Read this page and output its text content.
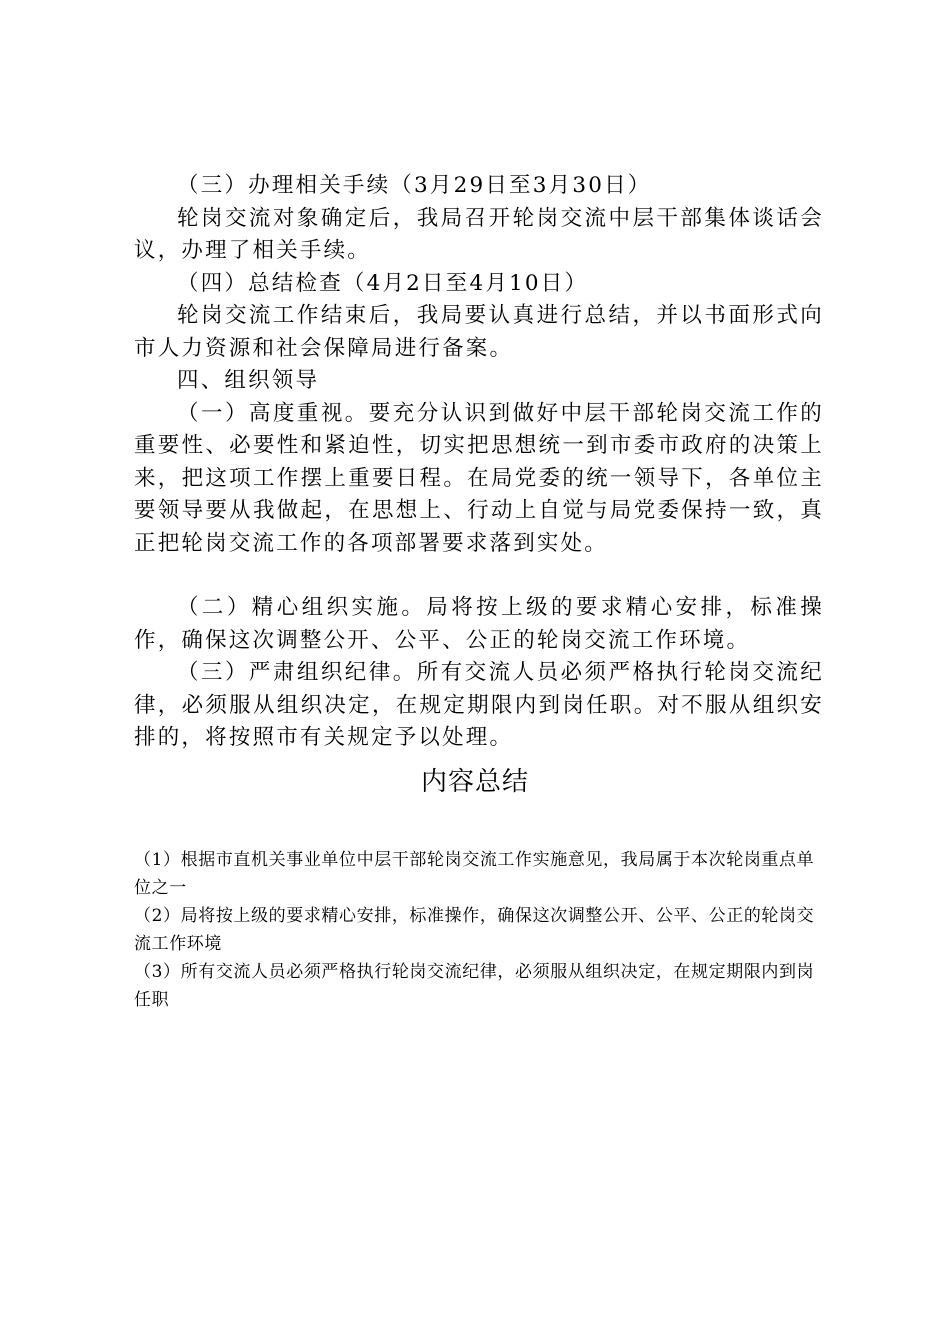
（三）办理相关手续（3月29日至3月30日）

轮岗交流对象确定后，我局召开轮岗交流中层干部集体谈话会议，办理了相关手续。

（四）总结检查（4月2日至4月10日）

轮岗交流工作结束后，我局要认真进行总结，并以书面形式向市人力资源和社会保障局进行备案。

四、组织领导

（一）高度重视。要充分认识到做好中层干部轮岗交流工作的重要性、必要性和紧迫性，切实把思想统一到市委市政府的决策上来，把这项工作摆上重要日程。在局党委的统一领导下，各单位主要领导要从我做起，在思想上、行动上自觉与局党委保持一致，真正把轮岗交流工作的各项部署要求落到实处。

（二）精心组织实施。局将按上级的要求精心安排，标准操作，确保这次调整公开、公平、公正的轮岗交流工作环境。

（三）严肃组织纪律。所有交流人员必须严格执行轮岗交流纪律，必须服从组织决定，在规定期限内到岗任职。对不服从组织安排的，将按照市有关规定予以处理。

内容总结

（1）根据市直机关事业单位中层干部轮岗交流工作实施意见，我局属于本次轮岗重点单位之一

（2）局将按上级的要求精心安排，标准操作，确保这次调整公开、公平、公正的轮岗交流工作环境

（3）所有交流人员必须严格执行轮岗交流纪律，必须服从组织决定，在规定期限内到岗任职
